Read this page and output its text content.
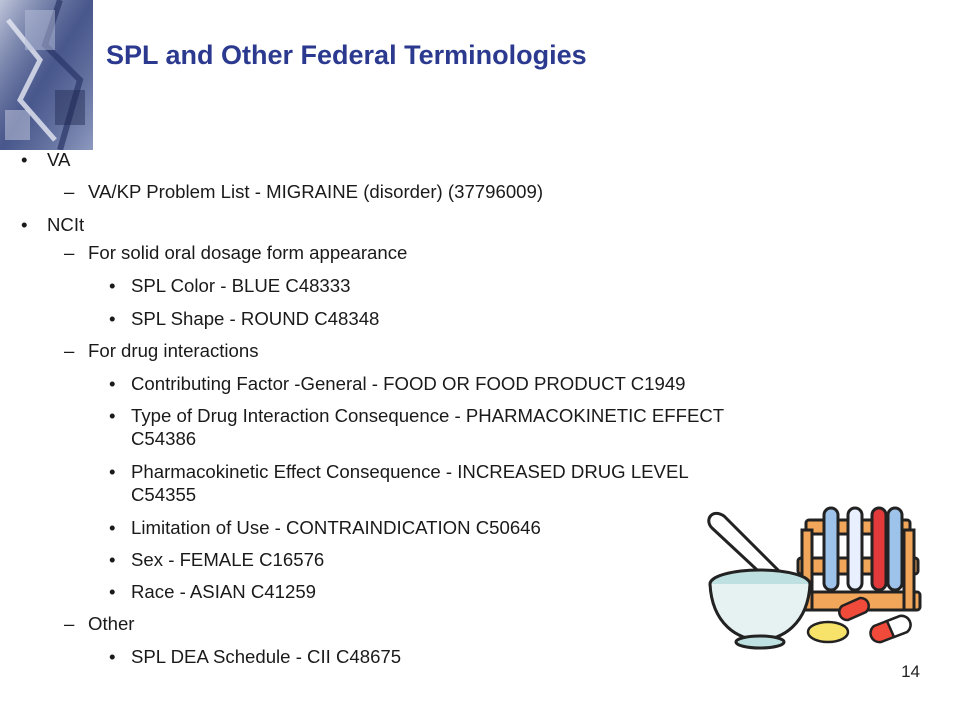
SPL and Other Federal Terminologies
• VA
– VA/KP Problem List - MIGRAINE (disorder) (37796009)
• NCIt
– For solid oral dosage form appearance
• SPL Color - BLUE C48333
• SPL Shape - ROUND C48348
– For drug interactions
• Contributing Factor -General - FOOD OR FOOD PRODUCT C1949
• Type of Drug Interaction Consequence - PHARMACOKINETIC EFFECT
C54386
• Pharmacokinetic Effect Consequence - INCREASED DRUG LEVEL
C54355
• Limitation of Use - CONTRAINDICATION C50646
• Sex - FEMALE C16576
• Race - ASIAN C41259
– Other
• SPL DEA Schedule - CII C48675
14
